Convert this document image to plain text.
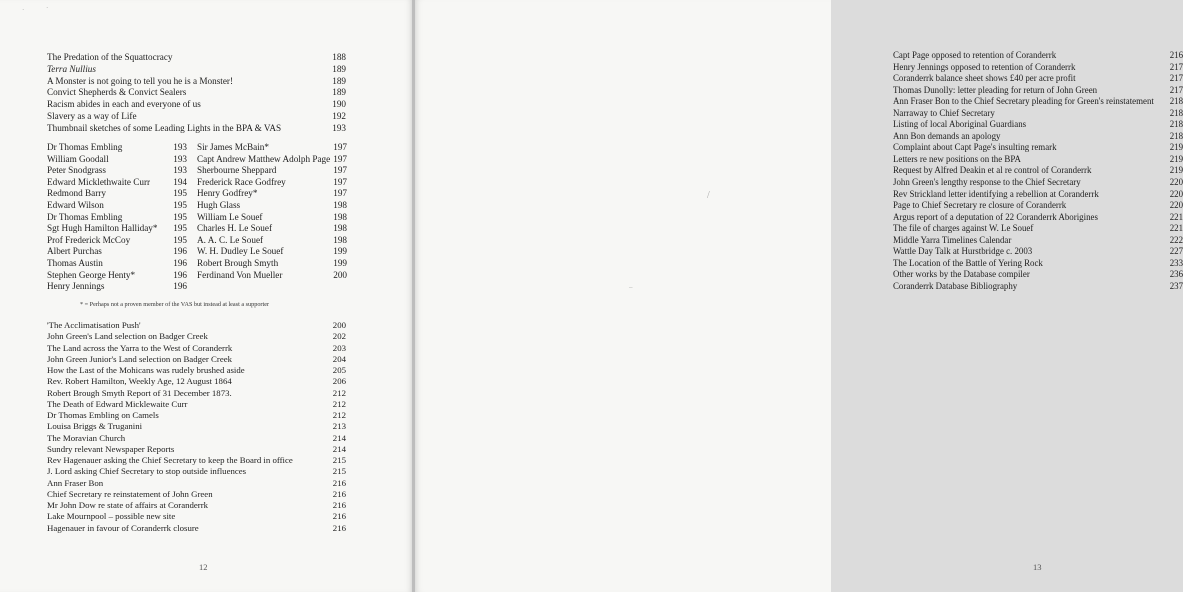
·	·
The Predation of the Squattocracy	188
Terra Nullius	189
A Monster is not going to tell you he is a Monster!	189
Convict Shepherds & Convict Sealers	189
Racism abides in each and everyone of us	190
Slavery as a way of Life	192
Thumbnail sketches of some Leading Lights in the BPA & VAS	193
Dr Thomas Embling	193
William Goodall	193
Peter Snodgrass	193
Edward Micklethwaite Curr	194
Redmond Barry	195
Edward Wilson	195
Dr Thomas Embling	195
Sgt Hugh Hamilton Halliday* 195
Prof Frederick McCoy	195
Albert Purchas	196
Thomas Austin	196
Stephen George Henty*	196
Henry Jennings	196
Sir James McBain*	197
Capt Andrew Matthew Adolph Page 197
Sherbourne Sheppard	197
Frederick Race Godfrey	197
Henry Godfrey*	197
Hugh Glass	198
William Le Souef	198
Charles H. Le Souef	198
A. A. C. Le Souef	198
W. H. Dudley Le Souef	199
Robert Brough Smyth	199
Ferdinand Von Mueller	200
* = Perhaps not a proven member of the VAS but instead at least a supporter
'The Acclimatisation Push'	200
John Green's Land selection on Badger Creek	202
The Land across the Yarra to the West of Coranderrk	203
John Green Junior's Land selection on Badger Creek	204
How the Last of the Mohicans was rudely brushed aside	205
Rev. Robert Hamilton, Weekly Age, 12 August 1864	206
Robert Brough Smyth Report of 31 December 1873.	212
The Death of Edward Micklewaite Curr	212
Dr Thomas Embling on Camels	212
Louisa Briggs & Truganini	213
The Moravian Church	214
Sundry relevant Newspaper Reports	214
Rev Hagenauer asking the Chief Secretary to keep the Board in office	215
J. Lord asking Chief Secretary to stop outside influences	215
Ann Fraser Bon	216
Chief Secretary re reinstatement of John Green	216
Mr John Dow re state of affairs at Coranderrk	216
Lake Mournpool – possible new site	216
Hagenauer in favour of Coranderrk closure	216
12
/
–
Capt Page opposed to retention of Coranderrk	216
Henry Jennings opposed to retention of Coranderrk	217
Coranderrk balance sheet shows £40 per acre profit	217
Thomas Dunolly: letter pleading for return of John Green	217
Ann Fraser Bon to the Chief Secretary pleading for Green's reinstatement 218
Narraway to Chief Secretary	218
Listing of local Aboriginal Guardians	218
Ann Bon demands an apology	218
Complaint about Capt Page's insulting remark	219
Letters re new positions on the BPA	219
Request by Alfred Deakin et al re control of Coranderrk	219
John Green's lengthy response to the Chief Secretary	220
Rev Strickland letter identifying a rebellion at Coranderrk	220
Page to Chief Secretary re closure of Coranderrk	220
Argus report of a deputation of 22 Coranderrk Aborigines	221
The file of charges against W. Le Souef	221
Middle Yarra Timelines Calendar	222
Wattle Day Talk at Hurstbridge c. 2003	227
The Location of the Battle of Yering Rock	233
Other works by the Database compiler	236
Coranderrk Database Bibliography	237
13
